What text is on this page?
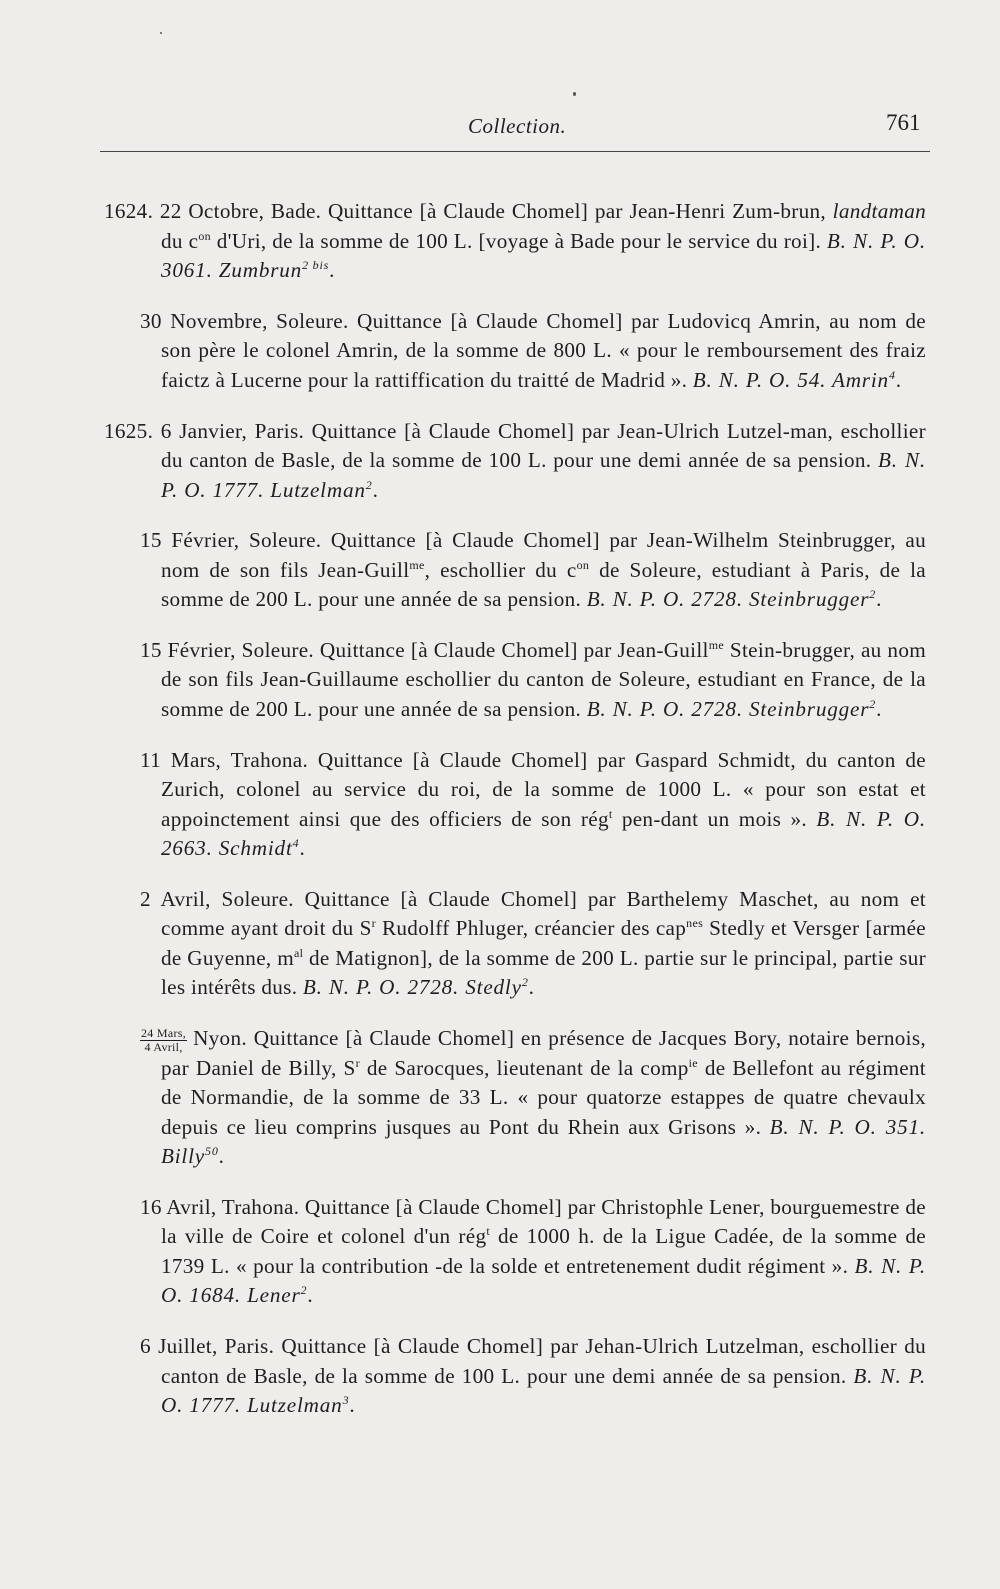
Collection.	761

1624. 22 Octobre, Bade. Quittance [à Claude Chomel] par Jean-Henri Zum-brun, landtaman du $c^{on}$ d'Uri, de la somme de 100 L. [voyage à Bade pour le service du roi]. B. N. P. O. 3061. Zumbrun$^{2 bis}$.

30 Novembre, Soleure. Quittance [à Claude Chomel] par Ludovicq Amrin, au nom de son père le colonel Amrin, de la somme de 800 L. « pour le remboursement des fraiz faictz à Lucerne pour la rattiffication du traitté de Madrid ». B. N. P. O. 54. Amrin$^4$.

1625. 6 Janvier, Paris. Quittance [à Claude Chomel] par Jean-Ulrich Lutzel-man, eschollier du canton de Basle, de la somme de 100 L. pour une demi année de sa pension. B. N. P. O. 1777. Lutzelman$^2$.

15 Février, Soleure. Quittance [à Claude Chomel] par Jean-Wilhelm Steinbrugger, au nom de son fils Jean-Guill$^{me}$, eschollier du $c^{on}$ de Soleure, estudiant à Paris, de la somme de 200 L. pour une année de sa pension. B. N. P. O. 2728. Steinbrugger$^2$.

15 Février, Soleure. Quittance [à Claude Chomel] par Jean-Guill$^{me}$ Stein-brugger, au nom de son fils Jean-Guillaume eschollier du canton de Soleure, estudiant en France, de la somme de 200 L. pour une année de sa pension. B. N. P. O. 2728. Steinbrugger$^2$.

11 Mars, Trahona. Quittance [à Claude Chomel] par Gaspard Schmidt, du canton de Zurich, colonel au service du roi, de la somme de 1000 L. « pour son estat et appoinctement ainsi que des officiers de son rég$^t$ pen-dant un mois ». B. N. P. O. 2663. Schmidt$^4$.

2 Avril, Soleure. Quittance [à Claude Chomel] par Barthelemy Maschet, au nom et comme ayant droit du $S^r$ Rudolff Phluger, créancier des cap$^{nes}$ Stedly et Versger [armée de Guyenne, $m^{al}$ de Matignon], de la somme de 200 L. partie sur le principal, partie sur les intérêts dus. B. N. P. O. 2728. Stedly$^2$.

$\frac{\text{24 Mars,}}{\text{4 Avril,}}$ Nyon. Quittance [à Claude Chomel] en présence de Jacques Bory, notaire bernois, par Daniel de Billy, $S^r$ de Sarocques, lieutenant de la comp$^{ie}$ de Bellefont au régiment de Normandie, de la somme de 33 L. « pour quatorze estappes de quatre chevaulx depuis ce lieu comprins jusques au Pont du Rhein aux Grisons ». B. N. P. O. 351. Billy$^{50}$.

16 Avril, Trahona. Quittance [à Claude Chomel] par Christophle Lener, bourguemestre de la ville de Coire et colonel d'un rég$^t$ de 1000 h. de la Ligue Cadée, de la somme de 1739 L. « pour la contribution -de la solde et entretenement dudit régiment ». B. N. P. O. 1684. Lener$^2$.

6 Juillet, Paris. Quittance [à Claude Chomel] par Jehan-Ulrich Lutzelman, eschollier du canton de Basle, de la somme de 100 L. pour une demi année de sa pension. B. N. P. O. 1777. Lutzelman$^3$.
